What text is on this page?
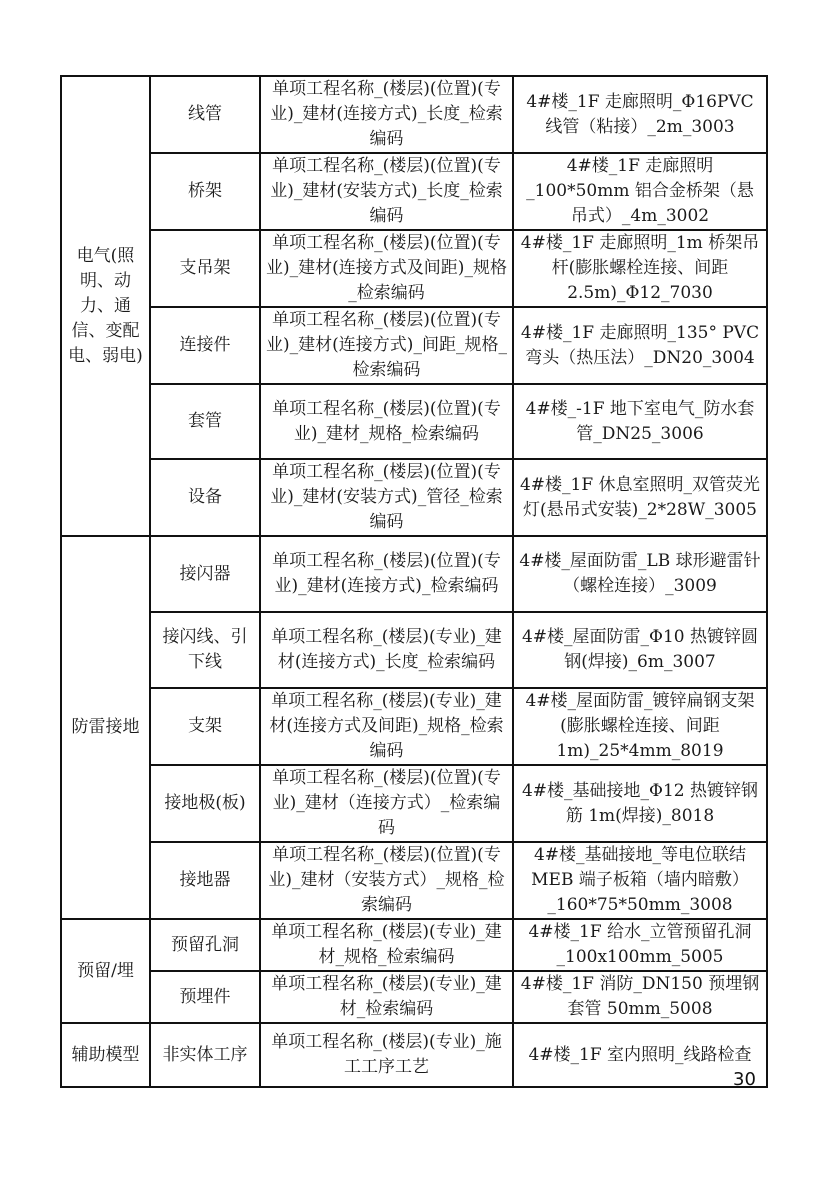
电气(照明、动力、通信、变配电、弱电)	线管	单项工程名称_(楼层)(位置)(专业)_建材(连接方式)_长度_检索编码	4#楼_1F 走廊照明_Φ16PVC 线管（粘接）_2m_3003
	桥架	单项工程名称_(楼层)(位置)(专业)_建材(安装方式)_长度_检索编码	4#楼_1F 走廊照明_100*50mm 铝合金桥架（悬吊式）_4m_3002
	支吊架	单项工程名称_(楼层)(位置)(专业)_建材(连接方式及间距)_规格_检索编码	4#楼_1F 走廊照明_1m 桥架吊杆(膨胀螺栓连接、间距 2.5m)_Φ12_7030
	连接件	单项工程名称_(楼层)(位置)(专业)_建材(连接方式)_间距_规格_检索编码	4#楼_1F 走廊照明_135° PVC 弯头（热压法）_DN20_3004
	套管	单项工程名称_(楼层)(位置)(专业)_建材_规格_检索编码	4#楼_-1F 地下室电气_防水套管_DN25_3006
	设备	单项工程名称_(楼层)(位置)(专业)_建材(安装方式)_管径_检索编码	4#楼_1F 休息室照明_双管荧光灯(悬吊式安装)_2*28W_3005
防雷接地	接闪器	单项工程名称_(楼层)(位置)(专业)_建材(连接方式)_检索编码	4#楼_屋面防雷_LB 球形避雷针（螺栓连接）_3009
	接闪线、引下线	单项工程名称_(楼层)(专业)_建材(连接方式)_长度_检索编码	4#楼_屋面防雷_Φ10 热镀锌圆钢(焊接)_6m_3007
	支架	单项工程名称_(楼层)(专业)_建材(连接方式及间距)_规格_检索编码	4#楼_屋面防雷_镀锌扁钢支架(膨胀螺栓连接、间距 1m)_25*4mm_8019
	接地极(板)	单项工程名称_(楼层)(位置)(专业)_建材（连接方式）_检索编码	4#楼_基础接地_Φ12 热镀锌钢筋 1m(焊接)_8018
	接地器	单项工程名称_(楼层)(位置)(专业)_建材（安装方式）_规格_检索编码	4#楼_基础接地_等电位联结 MEB 端子板箱（墙内暗敷）_160*75*50mm_3008
预留/埋	预留孔洞	单项工程名称_(楼层)(专业)_建材_规格_检索编码	4#楼_1F 给水_立管预留孔洞_100x100mm_5005
	预埋件	单项工程名称_(楼层)(专业)_建材_检索编码	4#楼_1F 消防_DN150 预埋钢套管 50mm_5008
辅助模型	非实体工序	单项工程名称_(楼层)(专业)_施工工序工艺	4#楼_1F 室内照明_线路检查
30
